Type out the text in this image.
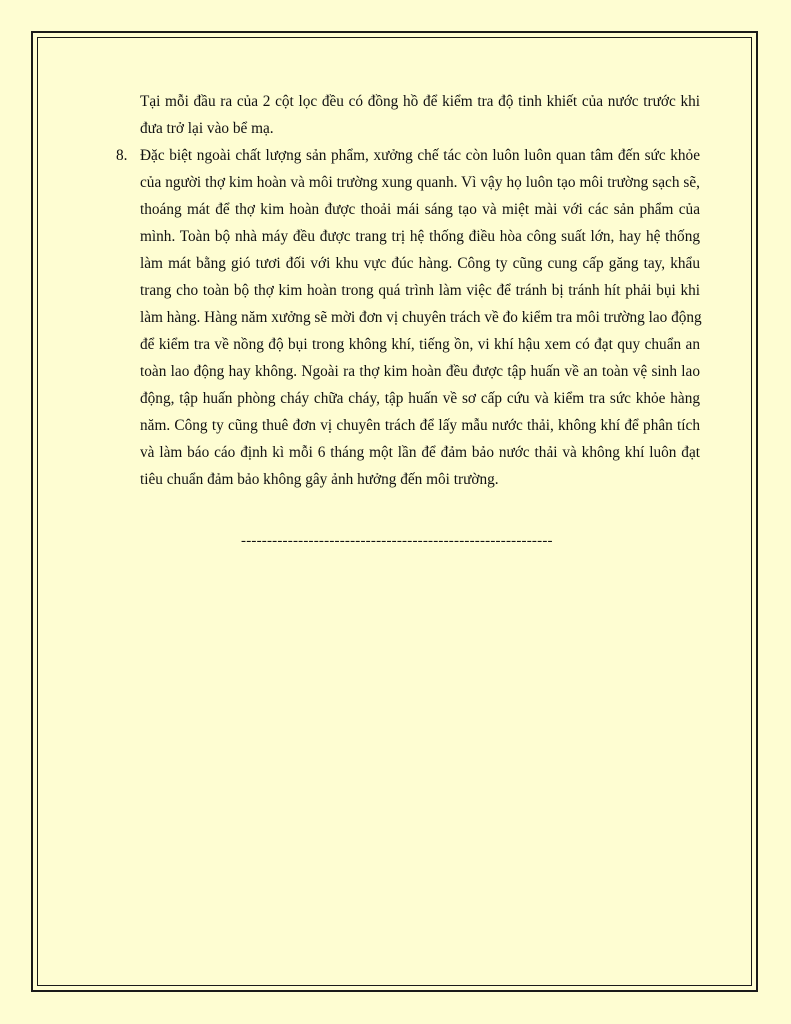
Tại mỗi đầu ra của 2 cột lọc đều có đồng hồ để kiểm tra độ tinh khiết của nước trước khi
đưa trở lại vào bể mạ.
8. Đặc biệt ngoài chất lượng sản phẩm, xưởng chế tác còn luôn luôn quan tâm đến sức khỏe
của người thợ kim hoàn và môi trường xung quanh. Vì vậy họ luôn tạo môi trường sạch sẽ,
thoáng mát để thợ kim hoàn được thoải mái sáng tạo và miệt mài với các sản phẩm của
mình. Toàn bộ nhà máy đều được trang trị hệ thống điều hòa công suất lớn, hay hệ thống
làm mát bằng gió tươi đối với khu vực đúc hàng. Công ty cũng cung cấp găng tay, khẩu
trang cho toàn bộ thợ kim hoàn trong quá trình làm việc để tránh bị tránh hít phải bụi khi
làm hàng. Hàng năm xưởng sẽ mời đơn vị chuyên trách về đo kiểm tra môi trường lao động
để kiểm tra về nồng độ bụi trong không khí, tiếng ồn, vi khí hậu xem có đạt quy chuẩn an
toàn lao động hay không. Ngoài ra thợ kim hoàn đều được tập huấn về an toàn vệ sinh lao
động, tập huấn phòng cháy chữa cháy, tập huấn về sơ cấp cứu và kiểm tra sức khỏe hàng
năm. Công ty cũng thuê đơn vị chuyên trách để lấy mẫu nước thải, không khí để phân tích
và làm báo cáo định kì mỗi 6 tháng một lần để đảm bảo nước thải và không khí luôn đạt
tiêu chuẩn đảm bảo không gây ảnh hưởng đến môi trường.
------------------------------------------------------------
